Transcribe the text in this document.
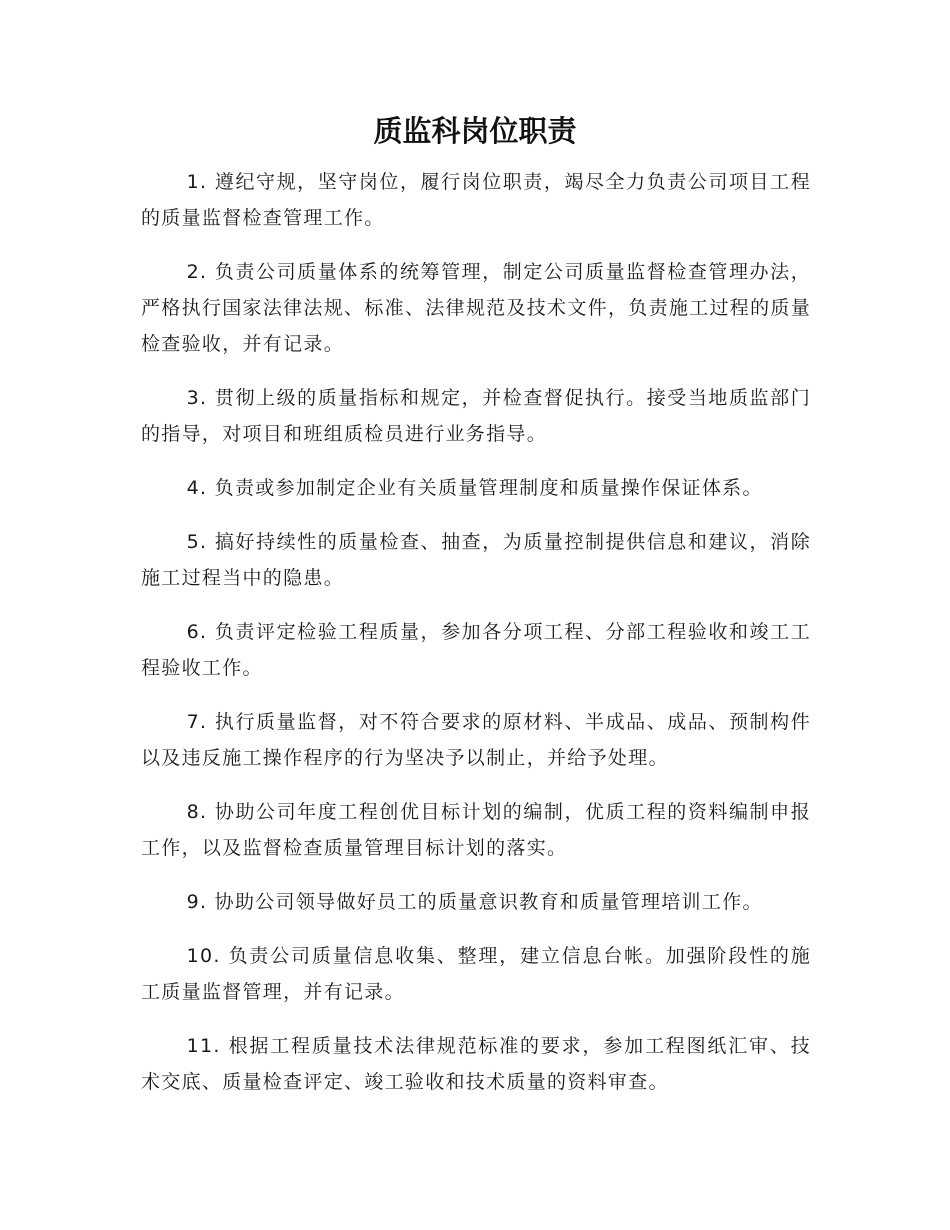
质监科岗位职责

1. 遵纪守规，坚守岗位，履行岗位职责，竭尽全力负责公司项目工程的质量监督检查管理工作。

2. 负责公司质量体系的统筹管理，制定公司质量监督检查管理办法，严格执行国家法律法规、标准、法律规范及技术文件，负责施工过程的质量检查验收，并有记录。

3. 贯彻上级的质量指标和规定，并检查督促执行。接受当地质监部门的指导，对项目和班组质检员进行业务指导。

4. 负责或参加制定企业有关质量管理制度和质量操作保证体系。

5. 搞好持续性的质量检查、抽查，为质量控制提供信息和建议，消除施工过程当中的隐患。

6. 负责评定检验工程质量，参加各分项工程、分部工程验收和竣工工程验收工作。

7. 执行质量监督，对不符合要求的原材料、半成品、成品、预制构件以及违反施工操作程序的行为坚决予以制止，并给予处理。

8. 协助公司年度工程创优目标计划的编制，优质工程的资料编制申报工作，以及监督检查质量管理目标计划的落实。

9. 协助公司领导做好员工的质量意识教育和质量管理培训工作。

10. 负责公司质量信息收集、整理，建立信息台帐。加强阶段性的施工质量监督管理，并有记录。

11. 根据工程质量技术法律规范标准的要求，参加工程图纸汇审、技术交底、质量检查评定、竣工验收和技术质量的资料审查。
